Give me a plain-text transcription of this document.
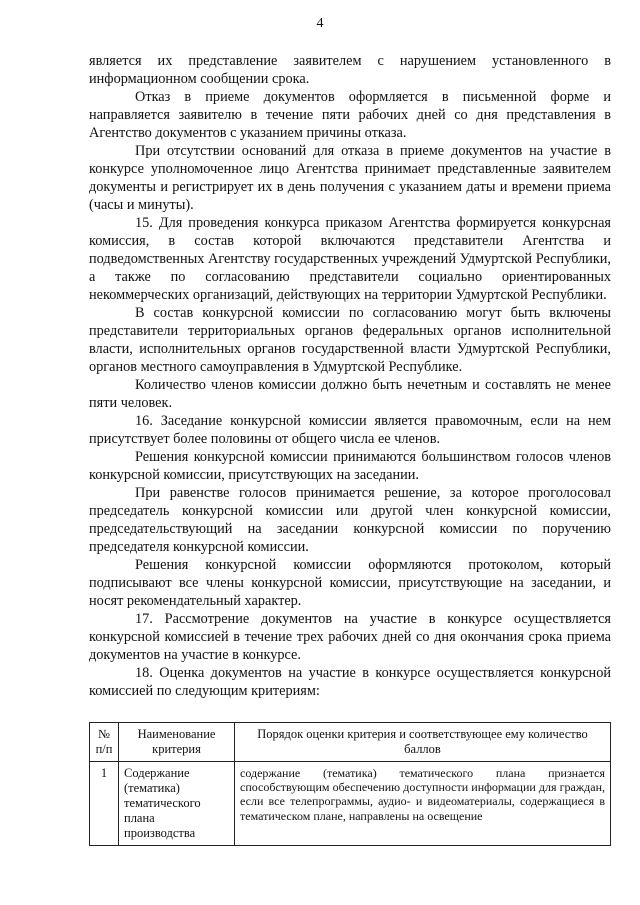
4

является их представление заявителем с нарушением установленного в информационном сообщении срока.

Отказ в приеме документов оформляется в письменной форме и направляется заявителю в течение пяти рабочих дней со дня представления в Агентство документов с указанием причины отказа.

При отсутствии оснований для отказа в приеме документов на участие в конкурсе уполномоченное лицо Агентства принимает представленные заявителем документы и регистрирует их в день получения с указанием даты и времени приема (часы и минуты).

15. Для проведения конкурса приказом Агентства формируется конкурсная комиссия, в состав которой включаются представители Агентства и подведомственных Агентству государственных учреждений Удмуртской Республики, а также по согласованию представители социально ориентированных некоммерческих организаций, действующих на территории Удмуртской Республики.

В состав конкурсной комиссии по согласованию могут быть включены представители территориальных органов федеральных органов исполнительной власти, исполнительных органов государственной власти Удмуртской Республики, органов местного самоуправления в Удмуртской Республике.

Количество членов комиссии должно быть нечетным и составлять не менее пяти человек.

16. Заседание конкурсной комиссии является правомочным, если на нем присутствует более половины от общего числа ее членов.

Решения конкурсной комиссии принимаются большинством голосов членов конкурсной комиссии, присутствующих на заседании.

При равенстве голосов принимается решение, за которое проголосовал председатель конкурсной комиссии или другой член конкурсной комиссии, председательствующий на заседании конкурсной комиссии по поручению председателя конкурсной комиссии.

Решения конкурсной комиссии оформляются протоколом, который подписывают все члены конкурсной комиссии, присутствующие на заседании, и носят рекомендательный характер.

17. Рассмотрение документов на участие в конкурсе осуществляется конкурсной комиссией в течение трех рабочих дней со дня окончания срока приема документов на участие в конкурсе.

18. Оценка документов на участие в конкурсе осуществляется конкурсной комиссией по следующим критериям:

№ п/п	Наименование критерия	Порядок оценки критерия и соответствующее ему количество баллов
1	Содержание (тематика) тематического плана производства	содержание (тематика) тематического плана признается способствующим обеспечению доступности информации для граждан, если все телепрограммы, аудио- и видеоматериалы, содержащиеся в тематическом плане, направлены на освещение
